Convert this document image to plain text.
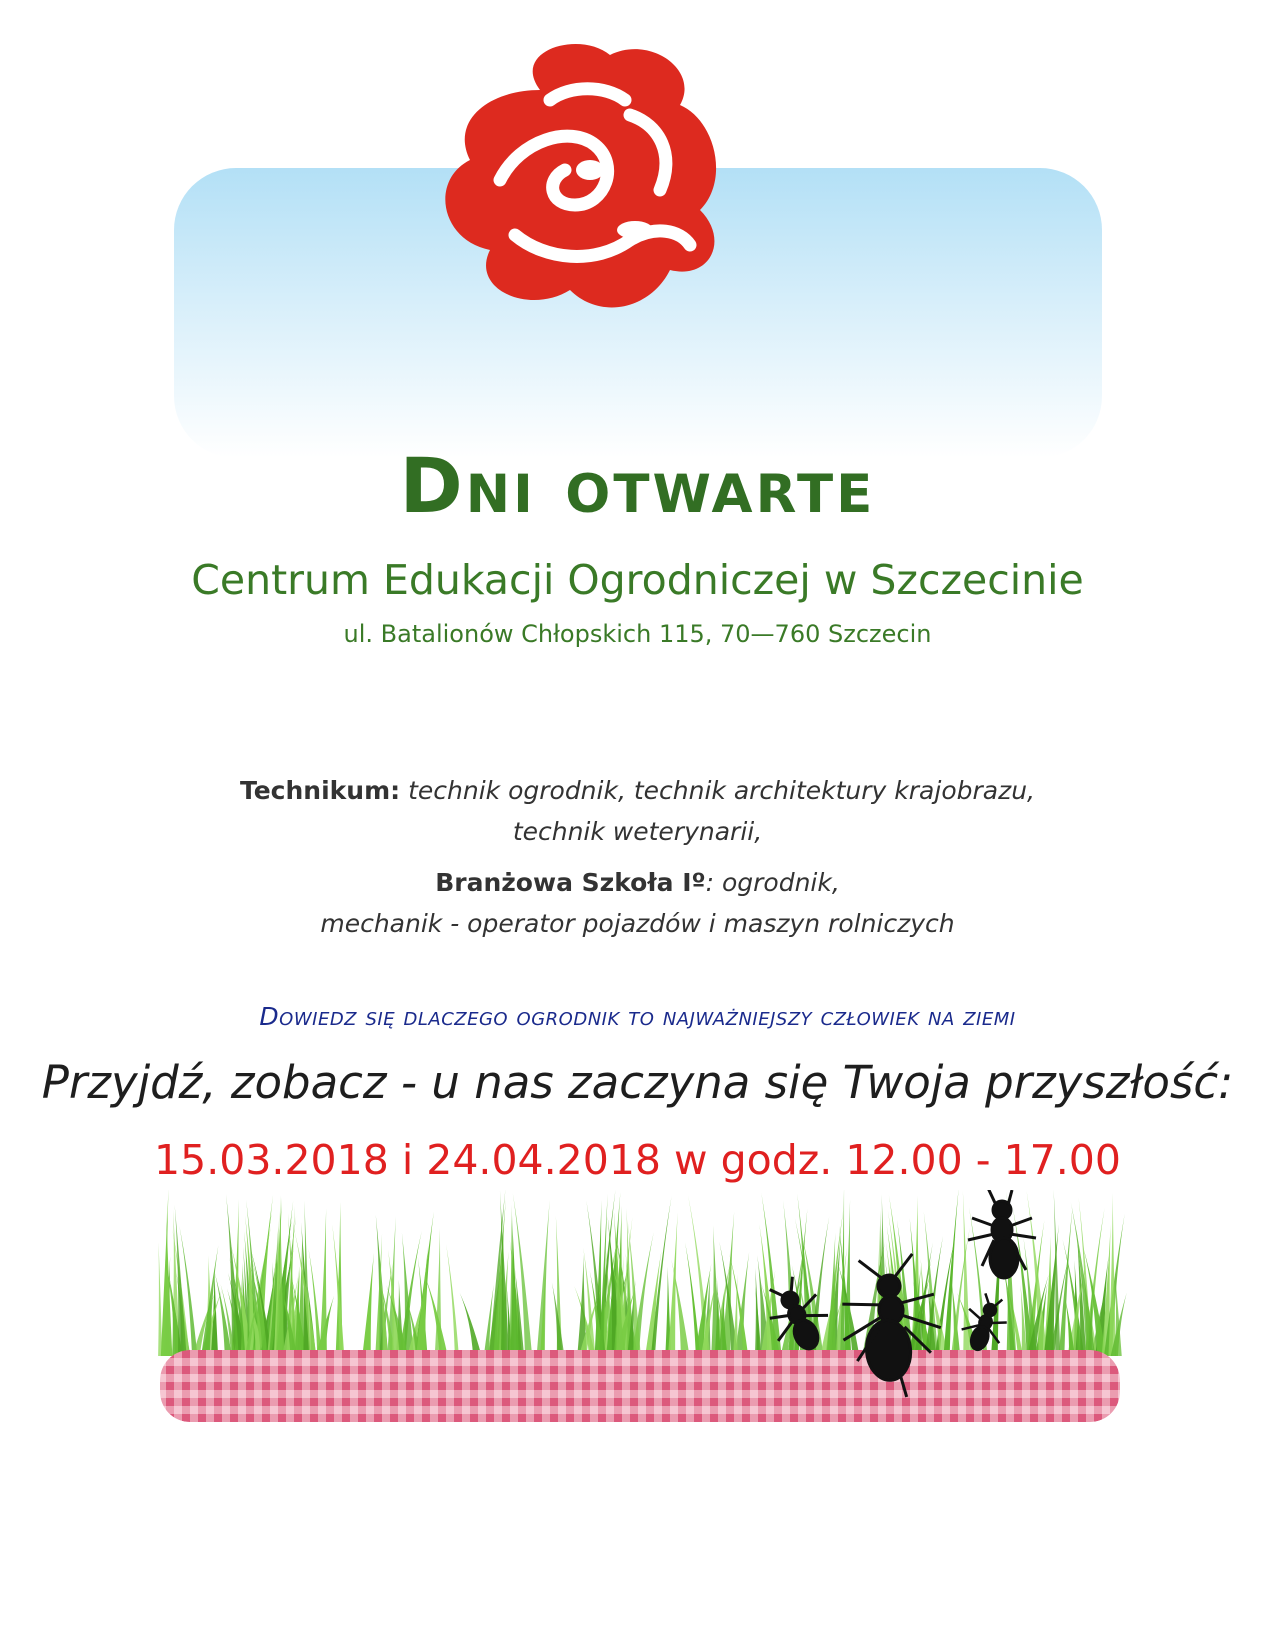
Dni otwarte
Centrum Edukacji Ogrodniczej w Szczecinie
ul. Batalionów Chłopskich 115, 70—760 Szczecin
Technikum: technik ogrodnik, technik architektury krajobrazu,
technik weterynarii,
Branżowa Szkoła Iº: ogrodnik,
mechanik - operator pojazdów i maszyn rolniczych
Dowiedz się dlaczego ogrodnik to najważniejszy człowiek na ziemi
Przyjdź, zobacz - u nas zaczyna się Twoja przyszłość:
15.03.2018 i 24.04.2018 w godz. 12.00 - 17.00
